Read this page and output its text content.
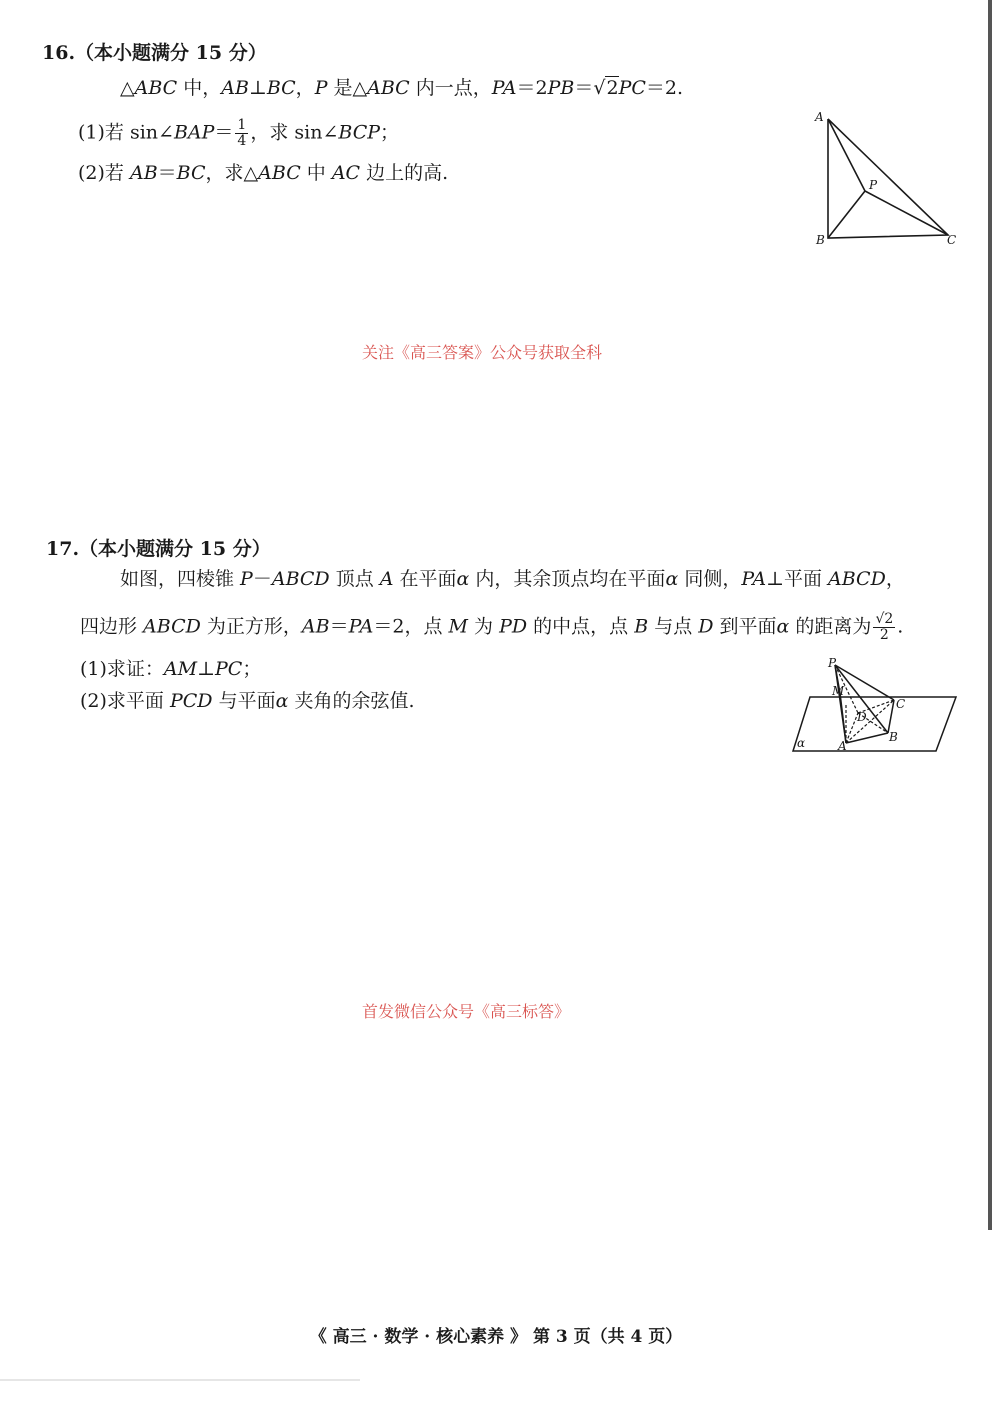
16.（本小题满分 15 分）
△ABC 中，AB⊥BC，P 是△ABC 内一点，PA＝2PB＝√2PC＝2.
(1)若 sin∠BAP＝ $\frac{1}{4}$ ，求 sin∠BCP；
(2)若 AB＝BC，求△ABC 中 AC 边上的高.
A
B	C
P
关注《高三答案》公众号获取全科
17.（本小题满分 15 分）
如图，四棱锥 P－ABCD 顶点 A 在平面α 内，其余顶点均在平面α 同侧，PA⊥平面 ABCD，
四边形 ABCD 为正方形，AB＝PA＝2，点 M 为 PD 的中点，点 B 与点 D 到平面α 的距离为 $\frac{√2}{2}$ .
(1)求证：AM⊥PC；
(2)求平面 PCD 与平面α 夹角的余弦值.
P
M
D
C
B
A
α
首发微信公众号《高三标答》
《 高三 · 数学 · 核心素养 》 第 3 页（共 4 页）
